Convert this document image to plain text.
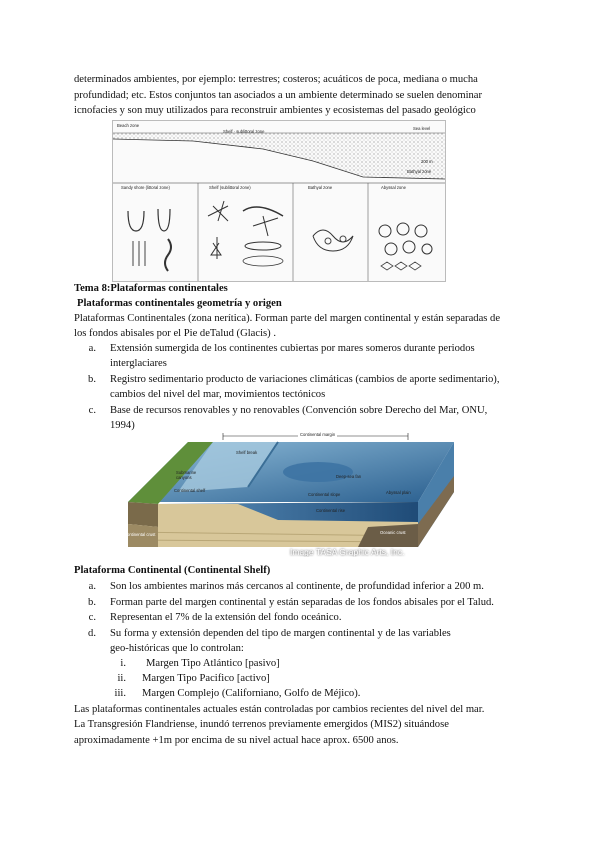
determinados ambientes, por ejemplo: terrestres; costeros; acuáticos de poca, mediana o mucha
profundidad; etc. Estos conjuntos tan asociados a un ambiente determinado se suelen denominar
icnofacies y son muy utilizados para reconstruir ambientes y ecosistemas del pasado geológico
Beach zone
Shelf · sublittoral zone
Sea level
200 m
Bathyal zone
Sandy shore (littoral zone)	Shelf (sublittoral zone)	Bathyal zone	Abyssal zone
Tema 8:Plataformas continentales
Plataformas continentales geometría y origen
Plataformas Continentales (zona nerítica). Forman parte del margen continental y están separadas de
los fondos abisales por el Pie deTalud (Glacis) .
a. Extensión sumergida de los continentes cubiertas por mares someros durante periodos
interglaciares
b. Registro sedimentario producto de variaciones climáticas (cambios de aporte sedimentario),
cambios del nivel del mar, movimientos tectónicos
c. Base de recursos renovables y no renovables (Convención sobre Derecho del Mar, ONU,
1994)
Continental margin
Shelf break
Submarine canyons
Continental shelf
Deep-sea fan
Continental slope
Continental rise
Abyssal plain
Continental crust	Oceanic crust
Image TASA Graphic Arts, Inc.
Plataforma Continental (Continental Shelf)
a. Son los ambientes marinos más cercanos al continente, de profundidad inferior a 200 m.
b. Forman parte del margen continental y están separadas de los fondos abisales por el Talud.
c. Representan el 7% de la extensión del fondo oceánico.
d. Su forma y extensión dependen del tipo de margen continental y de las variables
geo-históricas que lo controlan:
i. Margen Tipo Atlántico [pasivo]
ii. Margen Tipo Pacifico [activo]
iii. Margen Complejo (Californiano, Golfo de Méjico).
Las plataformas continentales actuales están controladas por cambios recientes del nivel del mar.
La Transgresión Flandriense, inundó terrenos previamente emergidos (MIS2) situándose
aproximadamente +1m por encima de su nivel actual hace aprox. 6500 anos.
